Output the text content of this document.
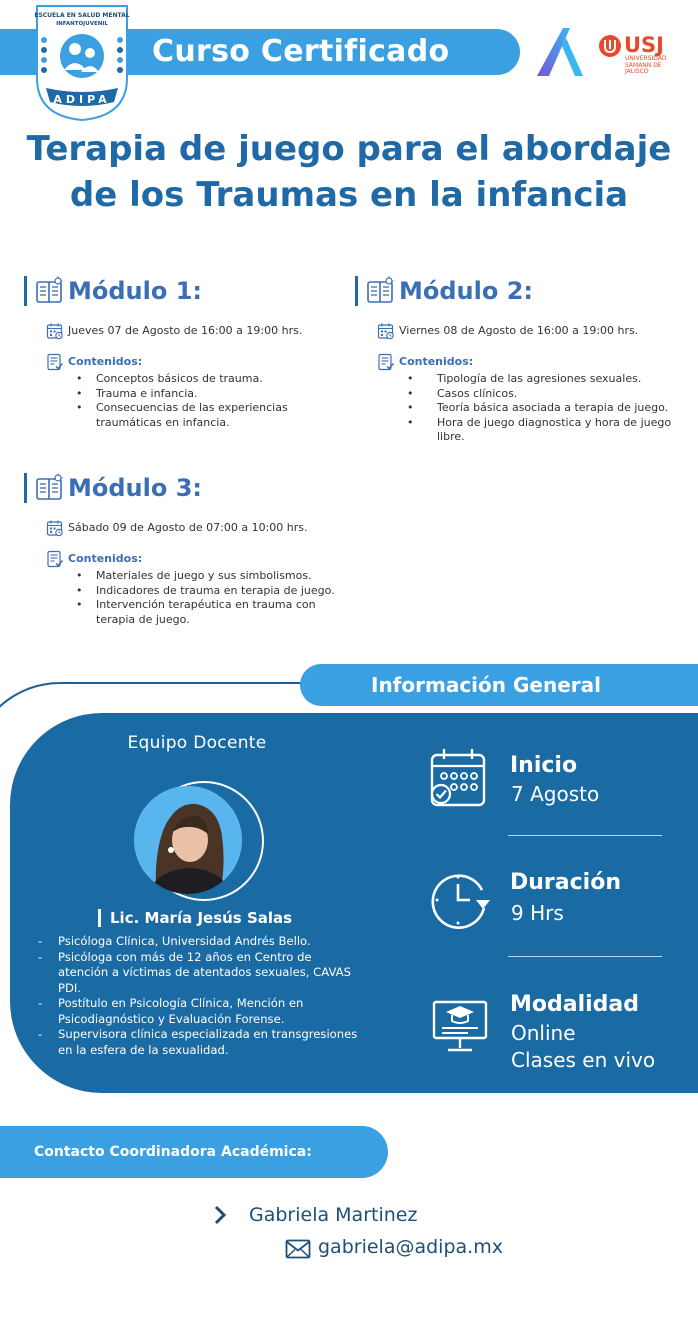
Curso Certificado
ESCUELA EN SALUD MENTAL
INFANTOJUVENIL
ADIPA
USJ
UNIVERSIDAD
SAMANN DE
JALISCO
Terapia de juego para el abordaje de los Traumas en la infancia
Módulo 1:
Jueves 07 de Agosto de 16:00 a 19:00 hrs.
Contenidos:
• Conceptos básicos de trauma.
• Trauma e infancia.
• Consecuencias de las experiencias traumáticas en infancia.
Módulo 2:
Viernes 08 de Agosto de 16:00 a 19:00 hrs.
Contenidos:
• Tipología de las agresiones sexuales.
• Casos clínicos.
• Teoría básica asociada a terapia de juego.
• Hora de juego diagnostica y hora de juego libre.
Módulo 3:
Sábado 09 de Agosto de 07:00 a 10:00 hrs.
Contenidos:
• Materiales de juego y sus simbolismos.
• Indicadores de trauma en terapia de juego.
• Intervención terapéutica en trauma con terapia de juego.
Información General
Equipo Docente
Lic. María Jesús Salas
- Psicóloga Clínica, Universidad Andrés Bello.
- Psicóloga con más de 12 años en Centro de atención a víctimas de atentados sexuales, CAVAS PDI.
- Postítulo en Psicología Clínica, Mención en Psicodiagnóstico y Evaluación Forense.
- Supervisora clínica especializada en transgresiones en la esfera de la sexualidad.
Inicio
7 Agosto
Duración
9 Hrs
Modalidad
Online
Clases en vivo
Contacto Coordinadora Académica:
Gabriela Martinez
gabriela@adipa.mx
